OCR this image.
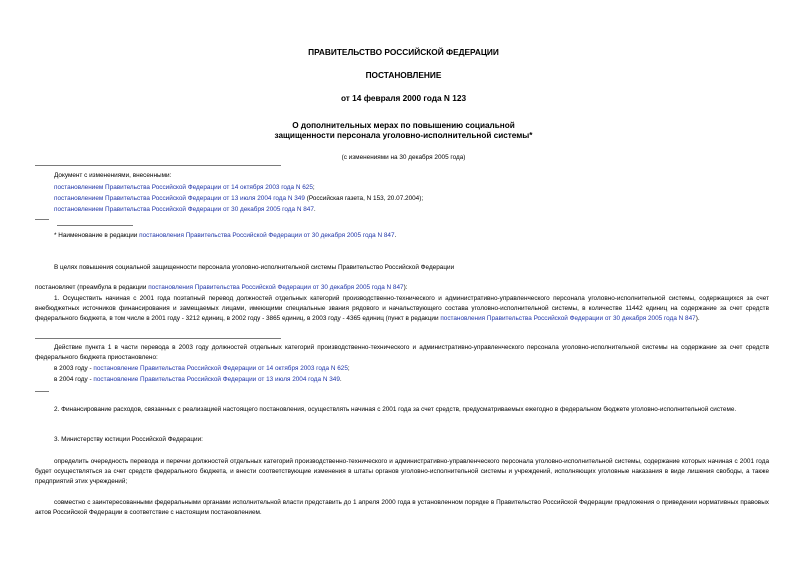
ПРАВИТЕЛЬСТВО РОССИЙСКОЙ ФЕДЕРАЦИИ
ПОСТАНОВЛЕНИЕ
от 14 февраля 2000 года N 123
О дополнительных мерах по повышению социальной
защищенности персонала уголовно-исполнительной системы*
(с изменениями на 30 декабря 2005 года)
Документ с изменениями, внесенными:
постановлением Правительства Российской Федерации от 14 октября 2003 года N 625;
постановлением Правительства Российской Федерации от 13 июля 2004 года N 349 (Российская газета, N 153, 20.07.2004);
постановлением Правительства Российской Федерации от 30 декабря 2005 года N 847.
* Наименование в редакции постановления Правительства Российской Федерации от 30 декабря 2005 года N 847.
В целях повышения социальной защищенности персонала уголовно-исполнительной системы Правительство Российской Федерации
постановляет (преамбула в редакции постановления Правительства Российской Федерации от 30 декабря 2005 года N 847):
1. Осуществить начиная с 2001 года поэтапный перевод должностей отдельных категорий производственно-технического и административно-управленческого персонала уголовно-исполнительной системы, содержащихся за счет внебюджетных источников финансирования и замещаемых лицами, имеющими специальные звания рядового и начальствующего состава уголовно-исполнительной системы, в количестве 11442 единиц на содержание за счет средств федерального бюджета, в том числе в 2001 году - 3212 единиц, в 2002 году - 3865 единиц, в 2003 году - 4365 единиц (пункт в редакции постановления Правительства Российской Федерации от 30 декабря 2005 года N 847).
Действие пункта 1 в части перевода в 2003 году должностей отдельных категорий производственно-технического и административно-управленческого персонала уголовно-исполнительной системы на содержание за счет средств федерального бюджета приостановлено:
в 2003 году - постановление Правительства Российской Федерации от 14 октября 2003 года N 625;
в 2004 году - постановление Правительства Российской Федерации от 13 июля 2004 года N 349.
2. Финансирование расходов, связанных с реализацией настоящего постановления, осуществлять начиная с 2001 года за счет средств, предусматриваемых ежегодно в федеральном бюджете уголовно-исполнительной системе.
3. Министерству юстиции Российской Федерации:
определить очередность перевода и перечни должностей отдельных категорий производственно-технического и административно-управленческого персонала уголовно-исполнительной системы, содержание которых начиная с 2001 года будет осуществляться за счет средств федерального бюджета, и внести соответствующие изменения в штаты органов уголовно-исполнительной системы и учреждений, исполняющих уголовные наказания в виде лишения свободы, а также предприятий этих учреждений;
совместно с заинтересованными федеральными органами исполнительной власти представить до 1 апреля 2000 года в установленном порядке в Правительство Российской Федерации предложения о приведении нормативных правовых актов Российской Федерации в соответствие с настоящим постановлением.
